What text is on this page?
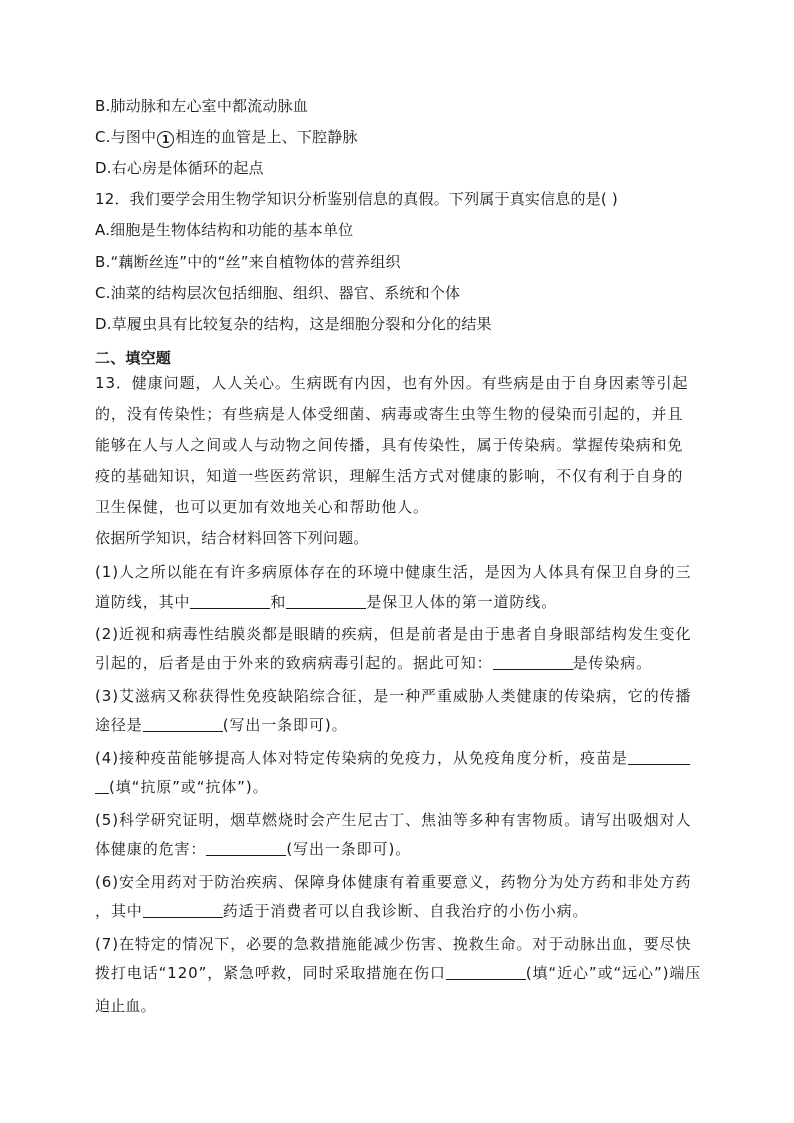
B.肺动脉和左心室中都流动脉血
C.与图中 1 相连的血管是上、下腔静脉
D.右心房是体循环的起点
12．我们要学会用生物学知识分析鉴别信息的真假。下列属于真实信息的是( )
A.细胞是生物体结构和功能的基本单位
B.“藕断丝连”中的“丝”来自植物体的营养组织
C.油菜的结构层次包括细胞、组织、器官、系统和个体
D.草履虫具有比较复杂的结构，这是细胞分裂和分化的结果
二、填空题
13．健康问题，人人关心。生病既有内因，也有外因。有些病是由于自身因素等引起
的，没有传染性；有些病是人体受细菌、病毒或寄生虫等生物的侵染而引起的，并且
能够在人与人之间或人与动物之间传播，具有传染性，属于传染病。掌握传染病和免
疫的基础知识，知道一些医药常识，理解生活方式对健康的影响，不仅有利于自身的
卫生保健，也可以更加有效地关心和帮助他人。
依据所学知识，结合材料回答下列问题。
(1)人之所以能在有许多病原体存在的环境中健康生活，是因为人体具有保卫自身的三
道防线，其中	和	是保卫人体的第一道防线。
(2)近视和病毒性结膜炎都是眼睛的疾病，但是前者是由于患者自身眼部结构发生变化
引起的，后者是由于外来的致病病毒引起的。据此可知：	是传染病。
(3)艾滋病又称获得性免疫缺陷综合征，是一种严重威胁人类健康的传染病，它的传播
途径是	(写出一条即可)。
(4)接种疫苗能够提高人体对特定传染病的免疫力，从免疫角度分析，疫苗是
(填“抗原”或“抗体”)。
(5)科学研究证明，烟草燃烧时会产生尼古丁、焦油等多种有害物质。请写出吸烟对人
体健康的危害：	(写出一条即可)。
(6)安全用药对于防治疾病、保障身体健康有着重要意义，药物分为处方药和非处方药
，其中	药适于消费者可以自我诊断、自我治疗的小伤小病。
(7)在特定的情况下，必要的急救措施能减少伤害、挽救生命。对于动脉出血，要尽快
拨打电话“120”，紧急呼救，同时采取措施在伤口	(填“近心”或“远心”)端压
迫止血。
